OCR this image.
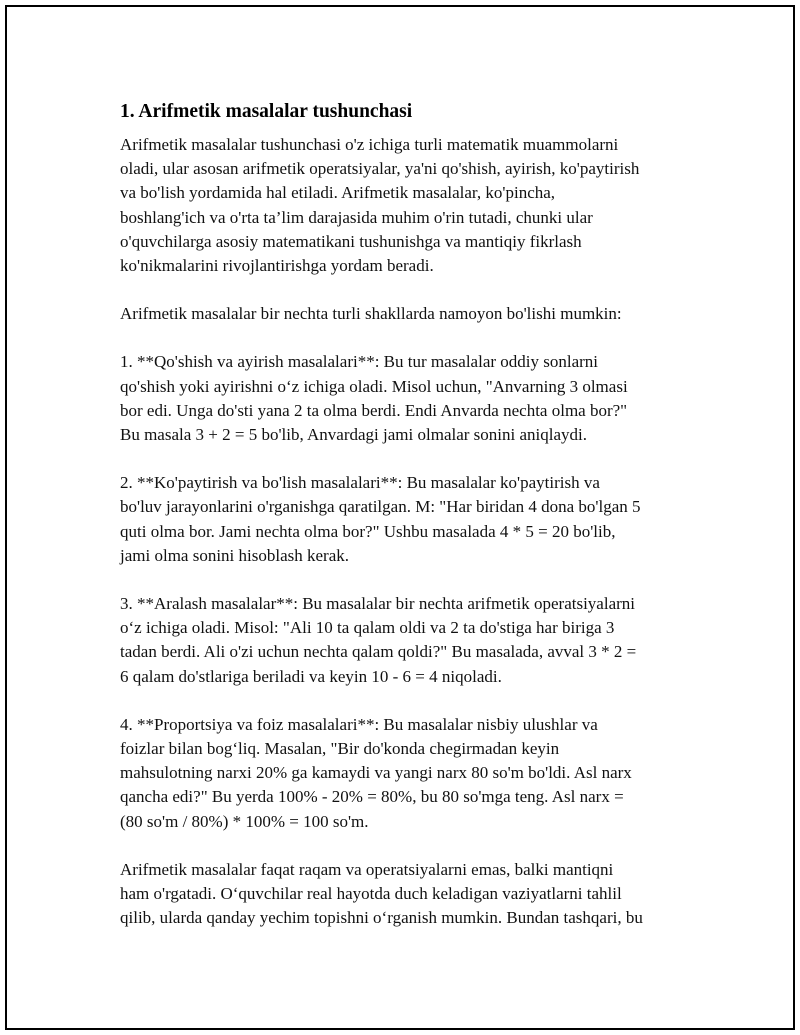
1. Arifmetik masalalar tushunchasi

Arifmetik masalalar tushunchasi o'z ichiga turli matematik muammolarni
oladi, ular asosan arifmetik operatsiyalar, ya'ni qo'shish, ayirish, ko'paytirish
va bo'lish yordamida hal etiladi. Arifmetik masalalar, ko'pincha,
boshlang'ich va o'rta ta’lim darajasida muhim o'rin tutadi, chunki ular
o'quvchilarga asosiy matematikani tushunishga va mantiqiy fikrlash
ko'nikmalarini rivojlantirishga yordam beradi.

Arifmetik masalalar bir nechta turli shakllarda namoyon bo'lishi mumkin:

1. **Qo'shish va ayirish masalalari**: Bu tur masalalar oddiy sonlarni
qo'shish yoki ayirishni o‘z ichiga oladi. Misol uchun, "Anvarning 3 olmasi
bor edi. Unga do'sti yana 2 ta olma berdi. Endi Anvarda nechta olma bor?"
Bu masala 3 + 2 = 5 bo'lib, Anvardagi jami olmalar sonini aniqlaydi.

2. **Ko'paytirish va bo'lish masalalari**: Bu masalalar ko'paytirish va
bo'luv jarayonlarini o'rganishga qaratilgan. M: "Har biridan 4 dona bo'lgan 5
quti olma bor. Jami nechta olma bor?" Ushbu masalada 4 * 5 = 20 bo'lib,
jami olma sonini hisoblash kerak.

3. **Aralash masalalar**: Bu masalalar bir nechta arifmetik operatsiyalarni
o‘z ichiga oladi. Misol: "Ali 10 ta qalam oldi va 2 ta do'stiga har biriga 3
tadan berdi. Ali o'zi uchun nechta qalam qoldi?" Bu masalada, avval 3 * 2 =
6 qalam do'stlariga beriladi va keyin 10 - 6 = 4 niqoladi.

4. **Proportsiya va foiz masalalari**: Bu masalalar nisbiy ulushlar va
foizlar bilan bog‘liq. Masalan, "Bir do'konda chegirmadan keyin
mahsulotning narxi 20% ga kamaydi va yangi narx 80 so'm bo'ldi. Asl narx
qancha edi?" Bu yerda 100% - 20% = 80%, bu 80 so'mga teng. Asl narx =
(80 so'm / 80%) * 100% = 100 so'm.

Arifmetik masalalar faqat raqam va operatsiyalarni emas, balki mantiqni
ham o'rgatadi. O‘quvchilar real hayotda duch keladigan vaziyatlarni tahlil
qilib, ularda qanday yechim topishni o‘rganish mumkin. Bundan tashqari, bu
